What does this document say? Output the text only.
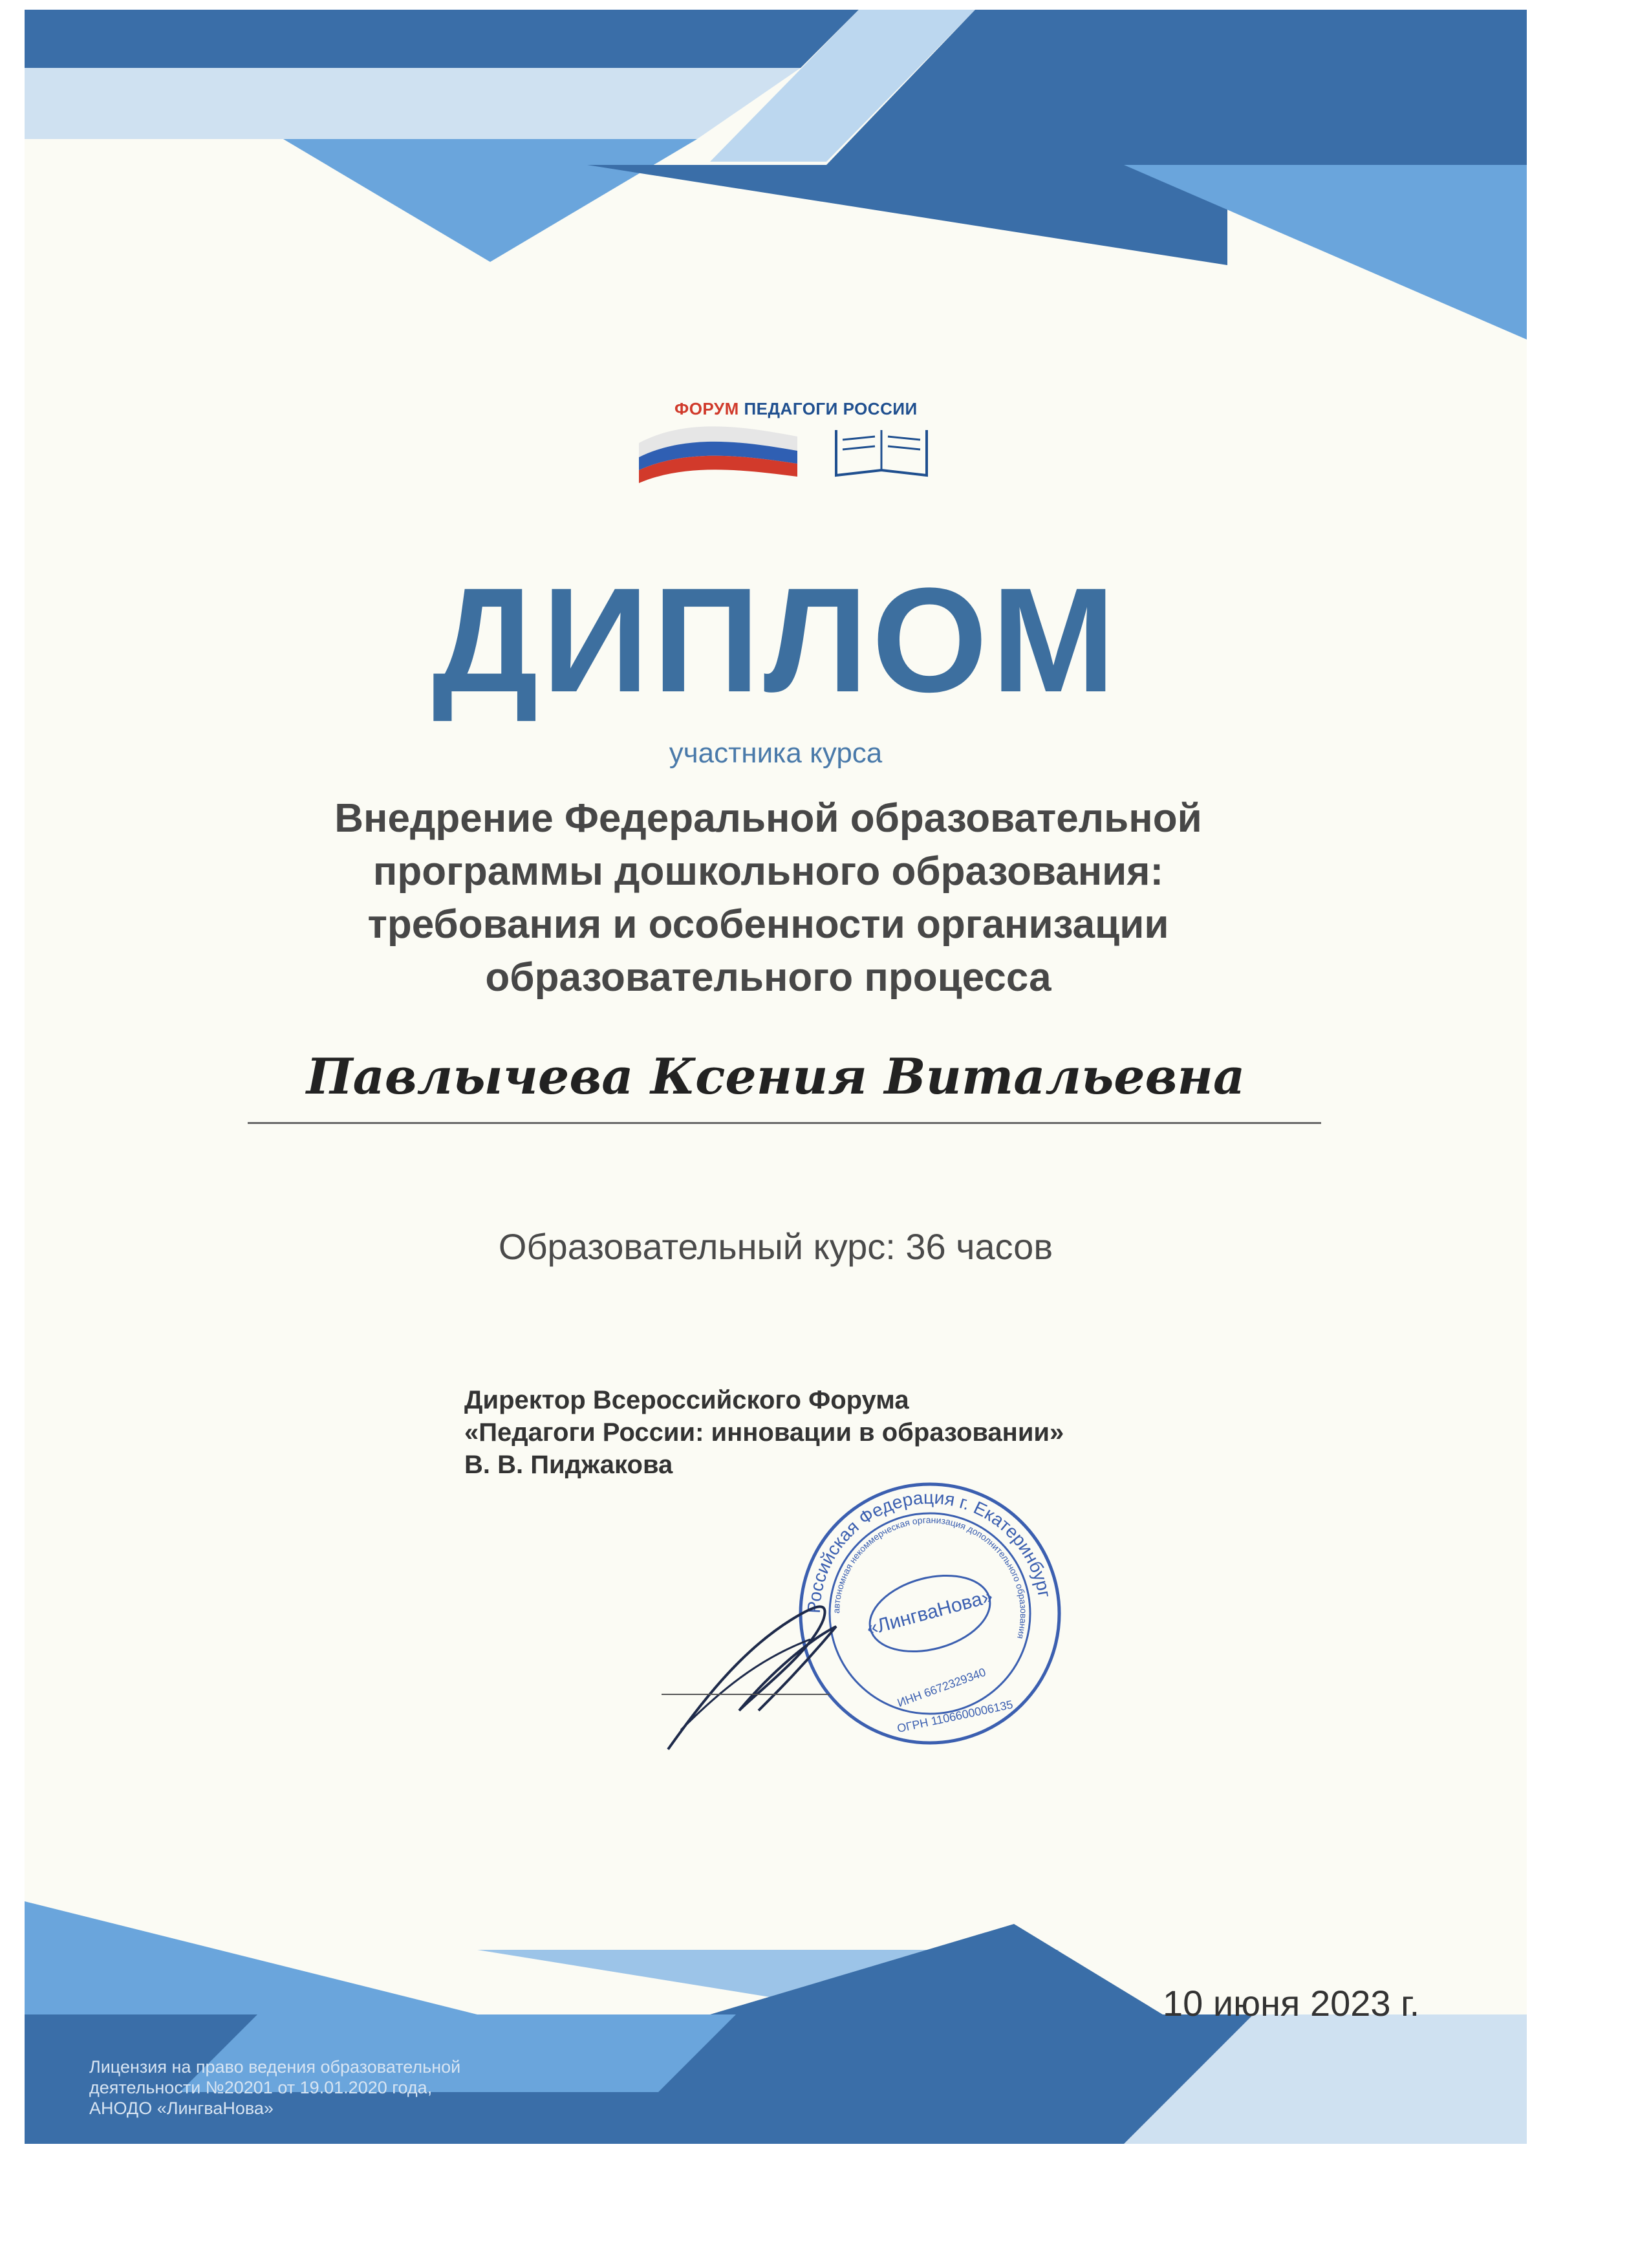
ФОРУМ ПЕДАГОГИ РОССИИ
ДИПЛОМ
участника курса
Внедрение Федеральной образовательной
программы дошкольного образования:
требования и особенности организации
образовательного процесса
Павлычева Ксения Витальевна
Образовательный курс: 36 часов
Директор Всероссийского Форума
«Педагоги России: инновации в образовании»
В. В. Пиджакова
Российская Федерация г. Екатеринбург
автономная некоммерческая организация дополнительного образования
«ЛингваНова»
ИНН 6672329340
ОГРН 1106600006135
10 июня 2023 г.
Лицензия на право ведения образовательной
деятельности №20201 от 19.01.2020 года,
АНОДО «ЛингваНова»
